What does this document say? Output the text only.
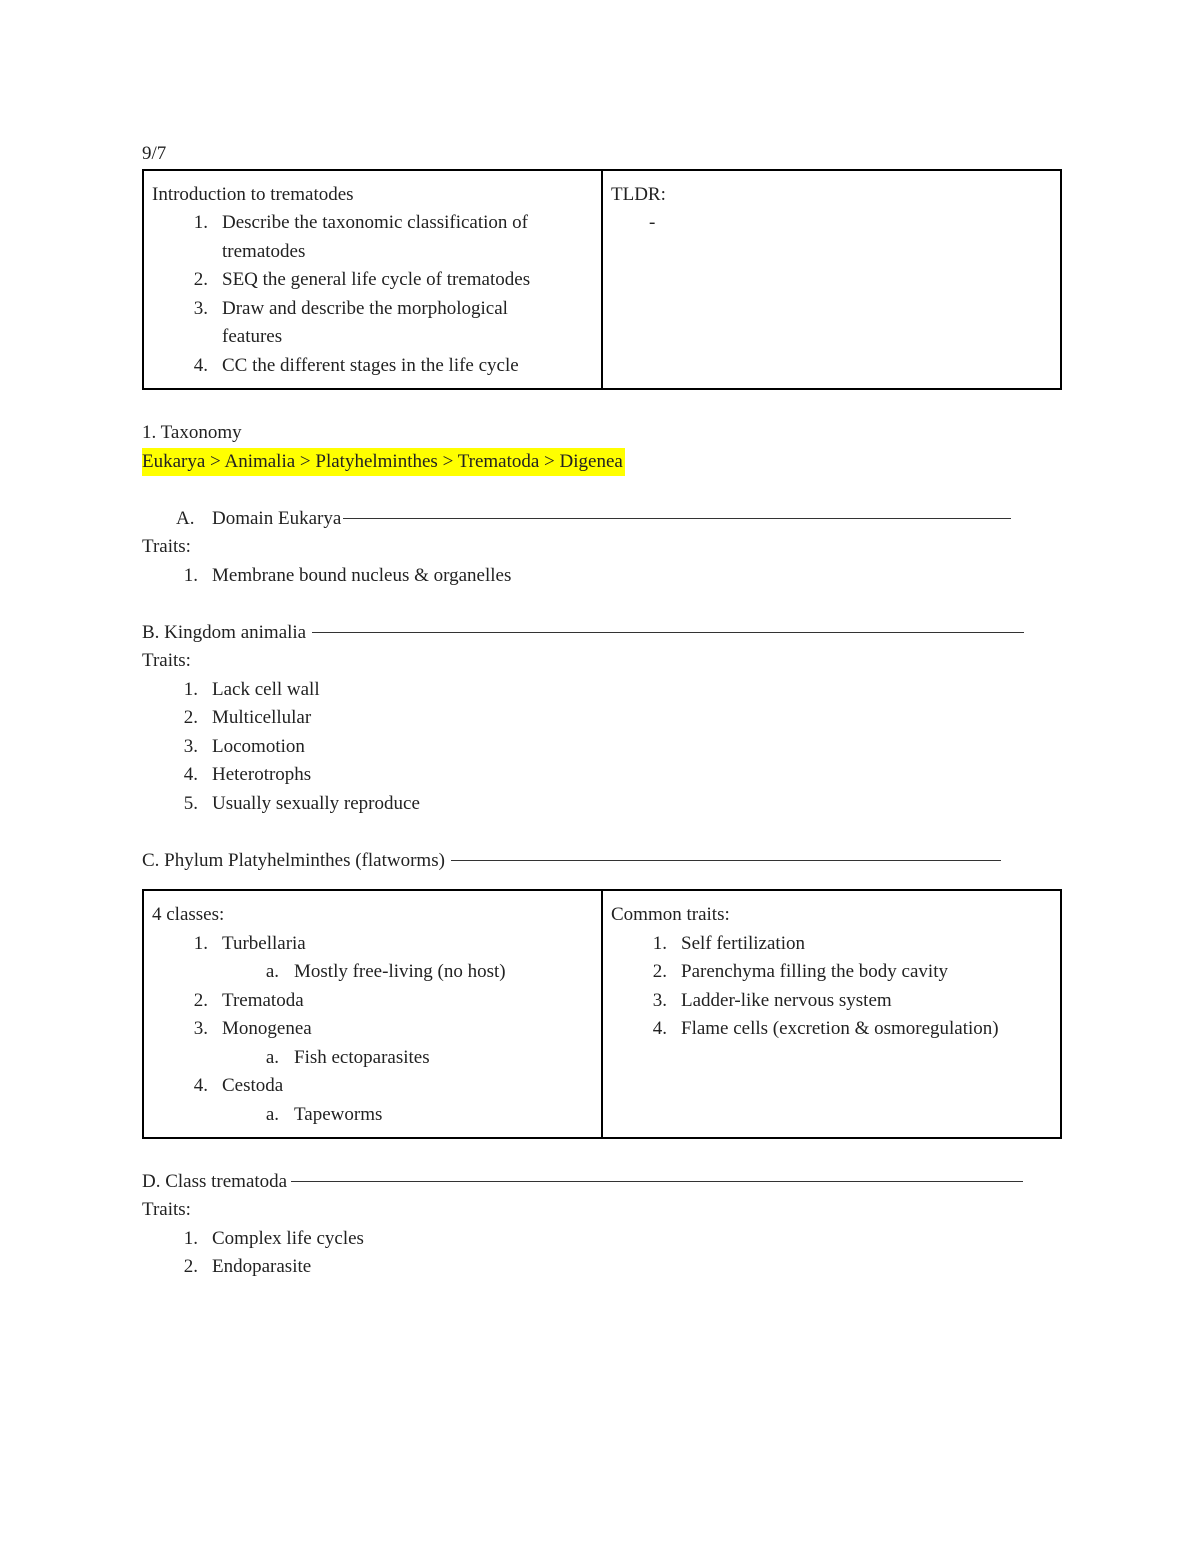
9/7
Introduction to trematodes
1. Describe the taxonomic classification of
trematodes
2. SEQ the general life cycle of trematodes
3. Draw and describe the morphological
features
4. CC the different stages in the life cycle

TLDR:
-
1. Taxonomy
Eukarya > Animalia > Platyhelminthes > Trematoda > Digenea
A. Domain Eukarya
Traits:
1. Membrane bound nucleus & organelles
B. Kingdom animalia
Traits:
1. Lack cell wall
2. Multicellular
3. Locomotion
4. Heterotrophs
5. Usually sexually reproduce
C. Phylum Platyhelminthes (flatworms)
4 classes:
1. Turbellaria
a. Mostly free-living (no host)
2. Trematoda
3. Monogenea
a. Fish ectoparasites
4. Cestoda
a. Tapeworms

Common traits:
1. Self fertilization
2. Parenchyma filling the body cavity
3. Ladder-like nervous system
4. Flame cells (excretion & osmoregulation)
D. Class trematoda
Traits:
1. Complex life cycles
2. Endoparasite
